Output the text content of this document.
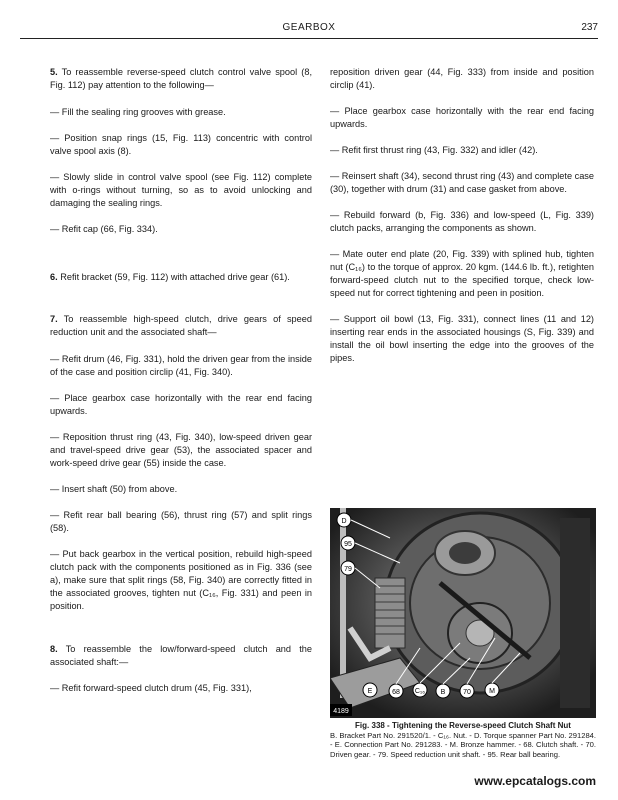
GEARBOX	237

5. To reassemble reverse-speed clutch control valve spool (8, Fig. 112) pay attention to the following—

— Fill the sealing ring grooves with grease.

— Position snap rings (15, Fig. 113) concentric with control valve spool axis (8).

— Slowly slide in control valve spool (see Fig. 112) complete with o-rings without turning, so as to avoid unlocking and damaging the sealing rings.

— Refit cap (66, Fig. 334).

6. Refit bracket (59, Fig. 112) with attached drive gear (61).

7. To reassemble high-speed clutch, drive gears of speed reduction unit and the associated shaft—

— Refit drum (46, Fig. 331), hold the driven gear from the inside of the case and position circlip (41, Fig. 340).

— Place gearbox case horizontally with the rear end facing upwards.

— Reposition thrust ring (43, Fig. 340), low-speed driven gear and travel-speed drive gear (53), the associated spacer and work-speed drive gear (55) inside the case.

— Insert shaft (50) from above.

— Refit rear ball bearing (56), thrust ring (57) and split rings (58).

— Put back gearbox in the vertical position, rebuild high-speed clutch pack with the components positioned as in Fig. 336 (see a), make sure that split rings (58, Fig. 340) are correctly fitted in the associated grooves, tighten nut (C₁₆, Fig. 331) and peen in position.

8. To reassemble the low/forward-speed clutch and the associated shaft:—

— Refit forward-speed clutch drum (45, Fig. 331),

reposition driven gear (44, Fig. 333) from inside and position circlip (41).

— Place gearbox case horizontally with the rear end facing upwards.

— Refit first thrust ring (43, Fig. 332) and idler (42).

— Reinsert shaft (34), second thrust ring (43) and complete case (30), together with drum (31) and case gasket from above.

— Rebuild forward (b, Fig. 336) and low-speed (L, Fig. 339) clutch packs, arranging the components as shown.

— Mate outer end plate (20, Fig. 339) with splined hub, tighten nut (C₁₆) to the torque of approx. 20 kgm. (144.6 lb. ft.), retighten forward-speed clutch nut to the specified torque, check low-speed nut for correct tightening and peen in position.

— Support oil bowl (13, Fig. 331), connect lines (11 and 12) inserting rear ends in the associated housings (S, Fig. 339) and install the oil bowl inserting the edge into the grooves of the pipes.

D
95
79
E	68 C₁₆ B	70	M
4189
Fig. 338 - Tightening the Reverse-speed Clutch Shaft Nut
B. Bracket Part No. 291520/1. - C₁₆. Nut. - D. Torque spanner Part No. 291284. - E. Connection Part No. 291283. - M. Bronze hammer. - 68. Clutch shaft. - 70. Driven gear. - 79. Speed reduction unit shaft. - 95. Rear ball bearing.
www.epcatalogs.com
